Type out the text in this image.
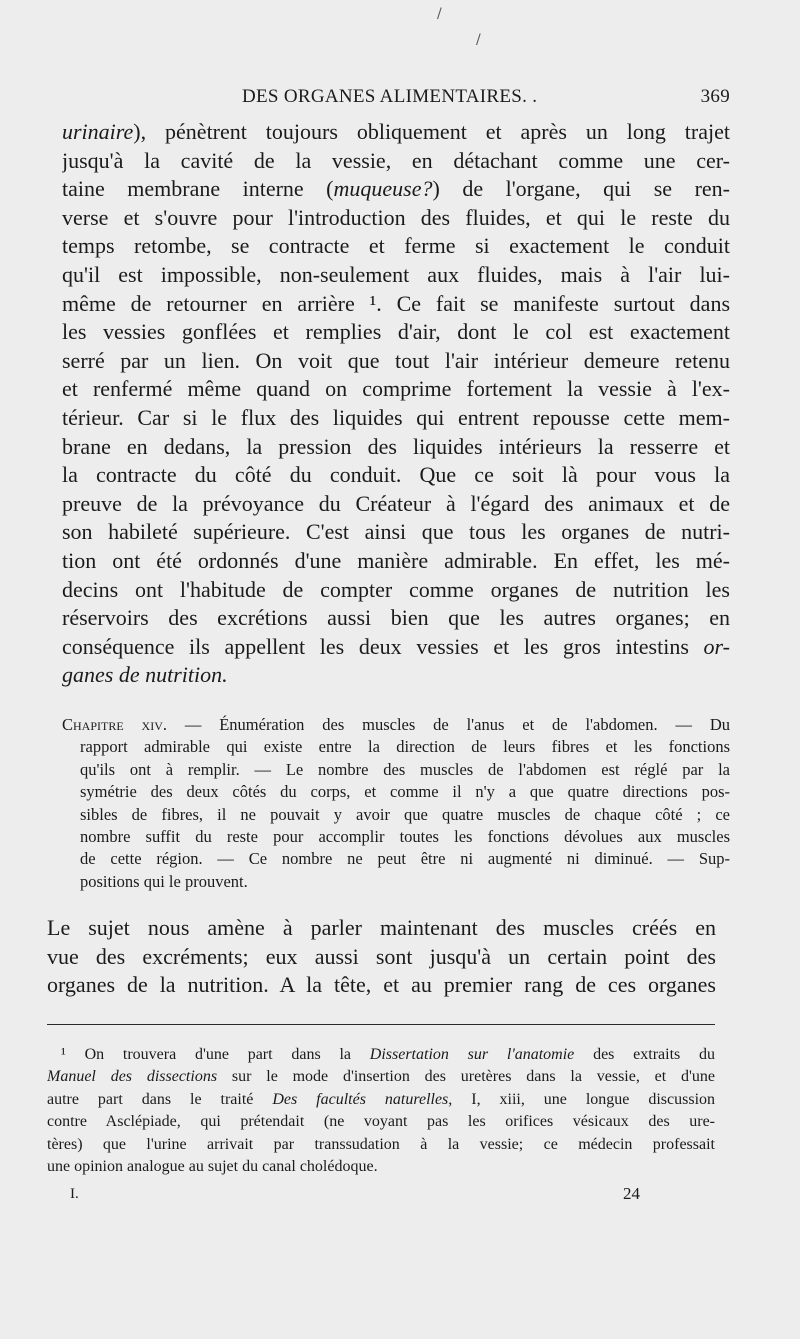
/
/
DES ORGANES ALIMENTAIRES. .	369
urinaire), pénètrent toujours obliquement et après un long trajet
jusqu'à la cavité de la vessie, en détachant comme une cer-
taine membrane interne (muqueuse?) de l'organe, qui se ren-
verse et s'ouvre pour l'introduction des fluides, et qui le reste du
temps retombe, se contracte et ferme si exactement le conduit
qu'il est impossible, non-seulement aux fluides, mais à l'air lui-
même de retourner en arrière ¹. Ce fait se manifeste surtout dans
les vessies gonflées et remplies d'air, dont le col est exactement
serré par un lien. On voit que tout l'air intérieur demeure retenu
et renfermé même quand on comprime fortement la vessie à l'ex-
térieur. Car si le flux des liquides qui entrent repousse cette mem-
brane en dedans, la pression des liquides intérieurs la resserre et
la contracte du côté du conduit. Que ce soit là pour vous la
preuve de la prévoyance du Créateur à l'égard des animaux et de
son habileté supérieure. C'est ainsi que tous les organes de nutri-
tion ont été ordonnés d'une manière admirable. En effet, les mé-
decins ont l'habitude de compter comme organes de nutrition les
réservoirs des excrétions aussi bien que les autres organes; en
conséquence ils appellent les deux vessies et les gros intestins or-
ganes de nutrition.
Chapitre xiv. — Énumération des muscles de l'anus et de l'abdomen. — Du
rapport admirable qui existe entre la direction de leurs fibres et les fonctions
qu'ils ont à remplir. — Le nombre des muscles de l'abdomen est réglé par la
symétrie des deux côtés du corps, et comme il n'y a que quatre directions pos-
sibles de fibres, il ne pouvait y avoir que quatre muscles de chaque côté ; ce
nombre suffit du reste pour accomplir toutes les fonctions dévolues aux muscles
de cette région. — Ce nombre ne peut être ni augmenté ni diminué. — Sup-
positions qui le prouvent.
Le sujet nous amène à parler maintenant des muscles créés en
vue des excréments; eux aussi sont jusqu'à un certain point des
organes de la nutrition. A la tête, et au premier rang de ces organes
¹ On trouvera d'une part dans la Dissertation sur l'anatomie des extraits du
Manuel des dissections sur le mode d'insertion des uretères dans la vessie, et d'une
autre part dans le traité Des facultés naturelles, I, xiii, une longue discussion
contre Asclépiade, qui prétendait (ne voyant pas les orifices vésicaux des ure-
tères) que l'urine arrivait par transsudation à la vessie; ce médecin professait
une opinion analogue au sujet du canal cholédoque.
I.	24
